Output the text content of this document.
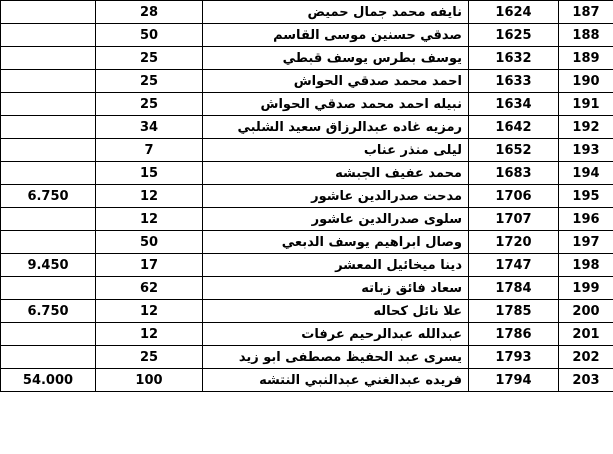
	28	نايفه محمد جمال حميض	1624	187
	50	صدقي حسنين موسى القاسم	1625	188
	25	يوسف بطرس يوسف قبطي	1632	189
	25	احمد محمد صدقي الحواش	1633	190
	25	نبيله احمد محمد صدقي الحواش	1634	191
	34	رمزيه غاده عبدالرزاق سعيد الشلبي	1642	192
	7	ليلى منذر عناب	1652	193
	15	محمد عفيف الجبشه	1683	194
6.750	12	مدحت صدرالدين عاشور	1706	195
	12	سلوى صدرالدين عاشور	1707	196
	50	وصال ابراهيم يوسف الدبعي	1720	197
9.450	17	دينا ميخائيل المعشر	1747	198
	62	سعاد فائق زباته	1784	199
6.750	12	علا نائل كحاله	1785	200
	12	عبدالله عبدالرحيم عرفات	1786	201
	25	يسرى عبد الحفيظ مصطفى ابو زيد	1793	202
54.000	100	فريده عبدالغني عبدالنبي النتشه	1794	203
